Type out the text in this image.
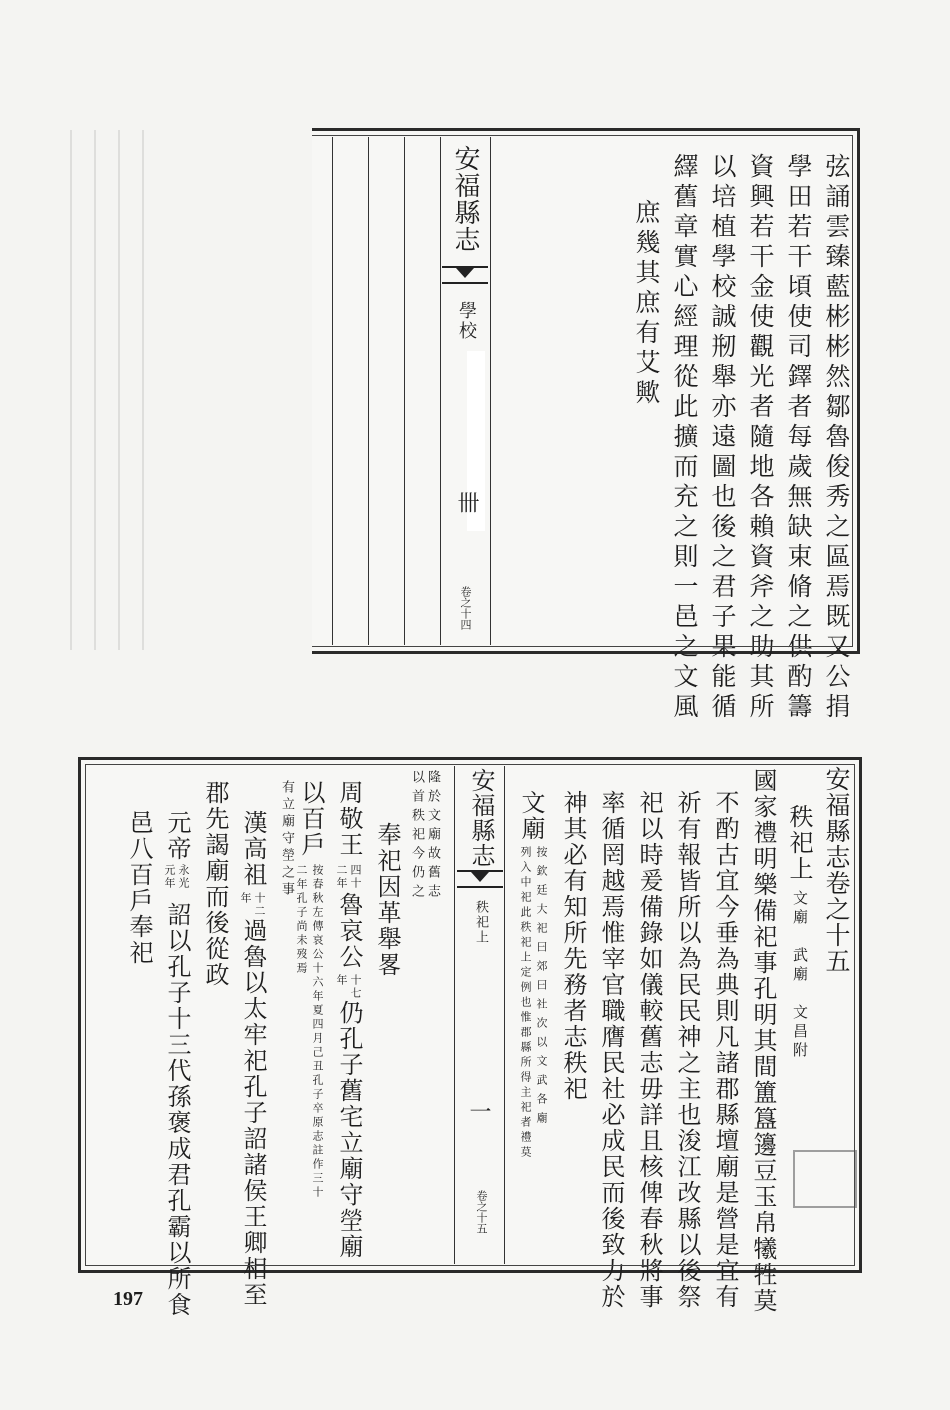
弦誦雲臻藍彬彬然鄒魯俊秀之區焉既又公捐
學田若干頃使司鐸者每歲無缺束脩之供酌籌
資興若干金使觀光者隨地各賴資斧之助其所
以培植學校誠剏舉亦遠圖也後之君子果能循
繹舊章實心經理從此擴而充之則一邑之文風
庶幾其庶有艾歟
安福縣志
學校
卌
卷之十四
安福縣志卷之十五
秩祀上
文廟　武廟　文昌附
國家禮明樂備祀事孔明其間簠簋籩豆玉帛犧牲莫
不酌古宜今垂為典則凡諸郡縣壇廟是營是宜有
祈有報皆所以為民民神之主也浚江改縣以後祭
祀以時爰備錄如儀較舊志毋詳且核俾春秋將事
率循罔越焉惟宰官職膺民社必成民而後致力於
神其必有知所先務者志秩祀
文廟
按欽廷大祀曰郊曰社次以文武各廟
列入中祀此秩祀上定例也惟郡縣所得主祀者禮莫
安福縣志
秩祀上
一
卷之十五
隆於文廟故舊志
以首秩祀今仍之
奉祀因革舉畧
周敬王
四十
二年
魯哀公
十七
年
仍孔子舊宅立廟守塋廟
以百戶
按春秋左傳哀公十六年夏四月己丑孔子卒原志註作三十
二年孔子尚未歿焉
有立廟守塋之事
漢高祖
十二
年
過魯以太牢祀孔子詔諸侯王卿相至
郡先謁廟而後從政
元帝
永光
元年
詔以孔子十三代孫褒成君孔霸以所食
邑八百戶奉祀
197
